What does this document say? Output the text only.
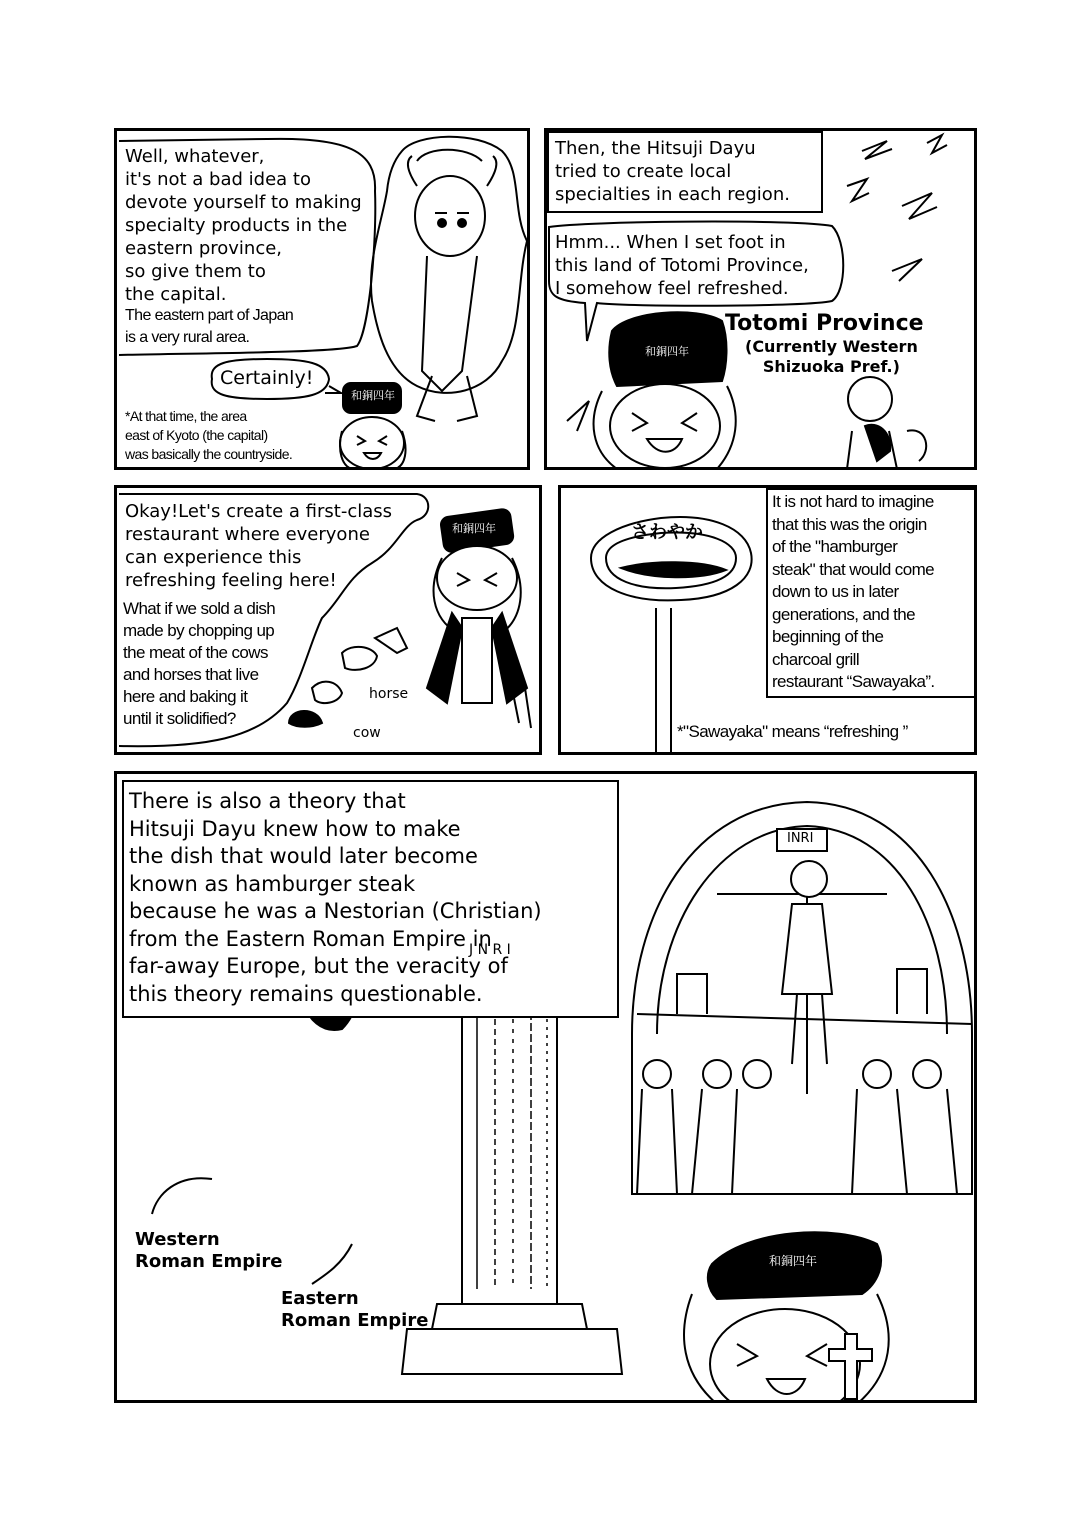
Well, whatever,
it's not a bad idea to
devote yourself to making
specialty products in the
eastern province,
so give them to
the capital.
The eastern part of Japan
is a very rural area.
Certainly!
和銅四年
*At that time, the area
east of Kyoto (the capital)
was basically the countryside.
Then, the Hitsuji Dayu
tried to create local
specialties in each region.
Hmm... When I set foot in
this land of Totomi Province,
I somehow feel refreshed.
和銅四年
Totomi Province
(Currently Western
Shizuoka Pref.)
Okay!Let's create a first-class
restaurant where everyone
can experience this
refreshing feeling here!
What if we sold a dish
made by chopping up
the meat of the cows
and horses that live
here and baking it
until it solidified?
和銅四年
horse
cow
さわやか
It is not hard to imagine
that this was the origin
of the "hamburger
steak" that would come
down to us in later
generations, and the
beginning of the
charcoal grill
restaurant “Sawayaka”.
*"Sawayaka" means “refreshing ”
There is also a theory that
Hitsuji Dayu knew how to make
the dish that would later become
known as hamburger steak
because he was a Nestorian (Christian)
from the Eastern Roman Empire in
far-away Europe, but the veracity of
this theory remains questionable.
Western
Roman Empire
Eastern
Roman Empire
J N R I
INRI
和銅四年
